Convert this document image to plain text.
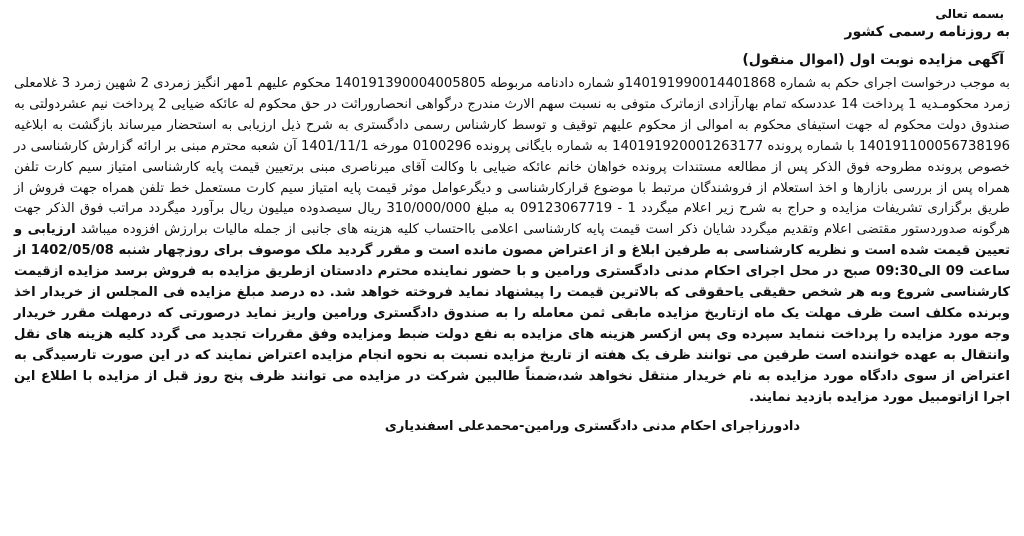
بسمه تعالی
به روزنامه رسمی کشور
آگهی مزایده نوبت اول (اموال منقول)

به موجب درخواست اجرای حکم به شماره 140191990014401868و شماره دادنامه مربوطه 140191390004005805 محکوم علیهم 1مهر انگیز زمردی 2 شهین زمرد 3 غلامعلی زمرد محکومـدیه 1 پرداخت 14 عددسکه تمام بهارآزادی ازماترک متوفی به نسبت سهم الارث مندرج درگواهی انحصاروراثت در حق محکوم له عائکه ضیایی 2 پرداخت نیم عشردولتی به صندوق دولت محکوم له جهت استیفای محکوم به اموالی از محکوم علیهم توقیف و توسط کارشناس رسمی دادگستری به شرح ذیل ارزیابی به استحضار میرساند بازگشت به ابلاغیه 140191100056738196 با شماره پرونده 140191920001263177 به شماره بایگانی پرونده 0100296 مورخه 1401/11/1 آن شعبه محترم مبنی بر ارائه گزارش کارشناسی در خصوص پرونده مطروحه فوق الذکر پس از مطالعه مستندات پرونده خواهان خانم عائکه ضیایی با وکالت آقای میرناصری مبنی برتعیین قیمت پایه کارشناسی امتیاز سیم کارت تلفن همراه پس از بررسی بازارها و اخذ استعلام از فروشندگان مرتبط با موضوع قرارکارشناسی و دیگرعوامل موثر قیمت پایه امتیاز سیم کارت مستعمل خط تلفن همراه جهت فروش از طریق برگزاری تشریفات مزایده و حراج به شرح زیر اعلام میگردد 1 - 09123067719 به مبلغ 310/000/000 ریال سیصدوده میلیون ریال برآورد میگردد مراتب فوق الذکر جهت هرگونه صدوردستور مقتضی اعلام وتقدیم میگردد شایان ذکر است قیمت پایه کارشناسی اعلامی بااحتساب کلیه هزینه های جانبی از جمله مالیات برارزش افزوده میباشد ارزیابی و تعیین قیمت شده است و نظریه کارشناسی به طرفین ابلاغ و از اعتراض مصون مانده است و مقرر گردید ملک موصوف برای روزچهار شنبه 1402/05/08 از ساعت 09 الی09:30 صبح در محل اجرای احکام مدنی دادگستری ورامین و با حضور نماینده محترم دادستان ازطریق مزایده به فروش برسد مزایده ازقیمت کارشناسی شروع وبه هر شخص حقیقی یاحقوقی که بالاترین قیمت را پیشنهاد نماید فروخته خواهد شد. ده درصد مبلغ مزایده فی المجلس از خریدار اخذ وبرنده مکلف است ظرف مهلت یک ماه ازتاریخ مزایده مابقی ثمن معامله را به صندوق دادگستری ورامین واریز نماید درصورتی که درمهلت مقرر خریدار وجه مورد مزایده را پرداخت ننماید سپرده وی پس ازکسر هزینه های مزایده به نفع دولت ضبط ومزایده وفق مقررات تجدید می گردد کلیه هزینه های نقل وانتقال به عهده خواننده است طرفین می توانند ظرف یک هفته از تاریخ مزایده نسبت به نحوه انجام مزایده اعتراض نمایند که در این صورت تارسیدگی به اعتراض از سوی دادگاه مورد مزایده به نام خریدار منتقل نخواهد شد،ضمناً طالبین شرکت در مزایده می توانند ظرف پنج روز قبل از مزایده با اطلاع این اجرا ازاتومبیل مورد مزایده بازدید نمایند.

دادورزاجرای احکام مدنی دادگستری ورامین-محمدعلی اسفندیاری
